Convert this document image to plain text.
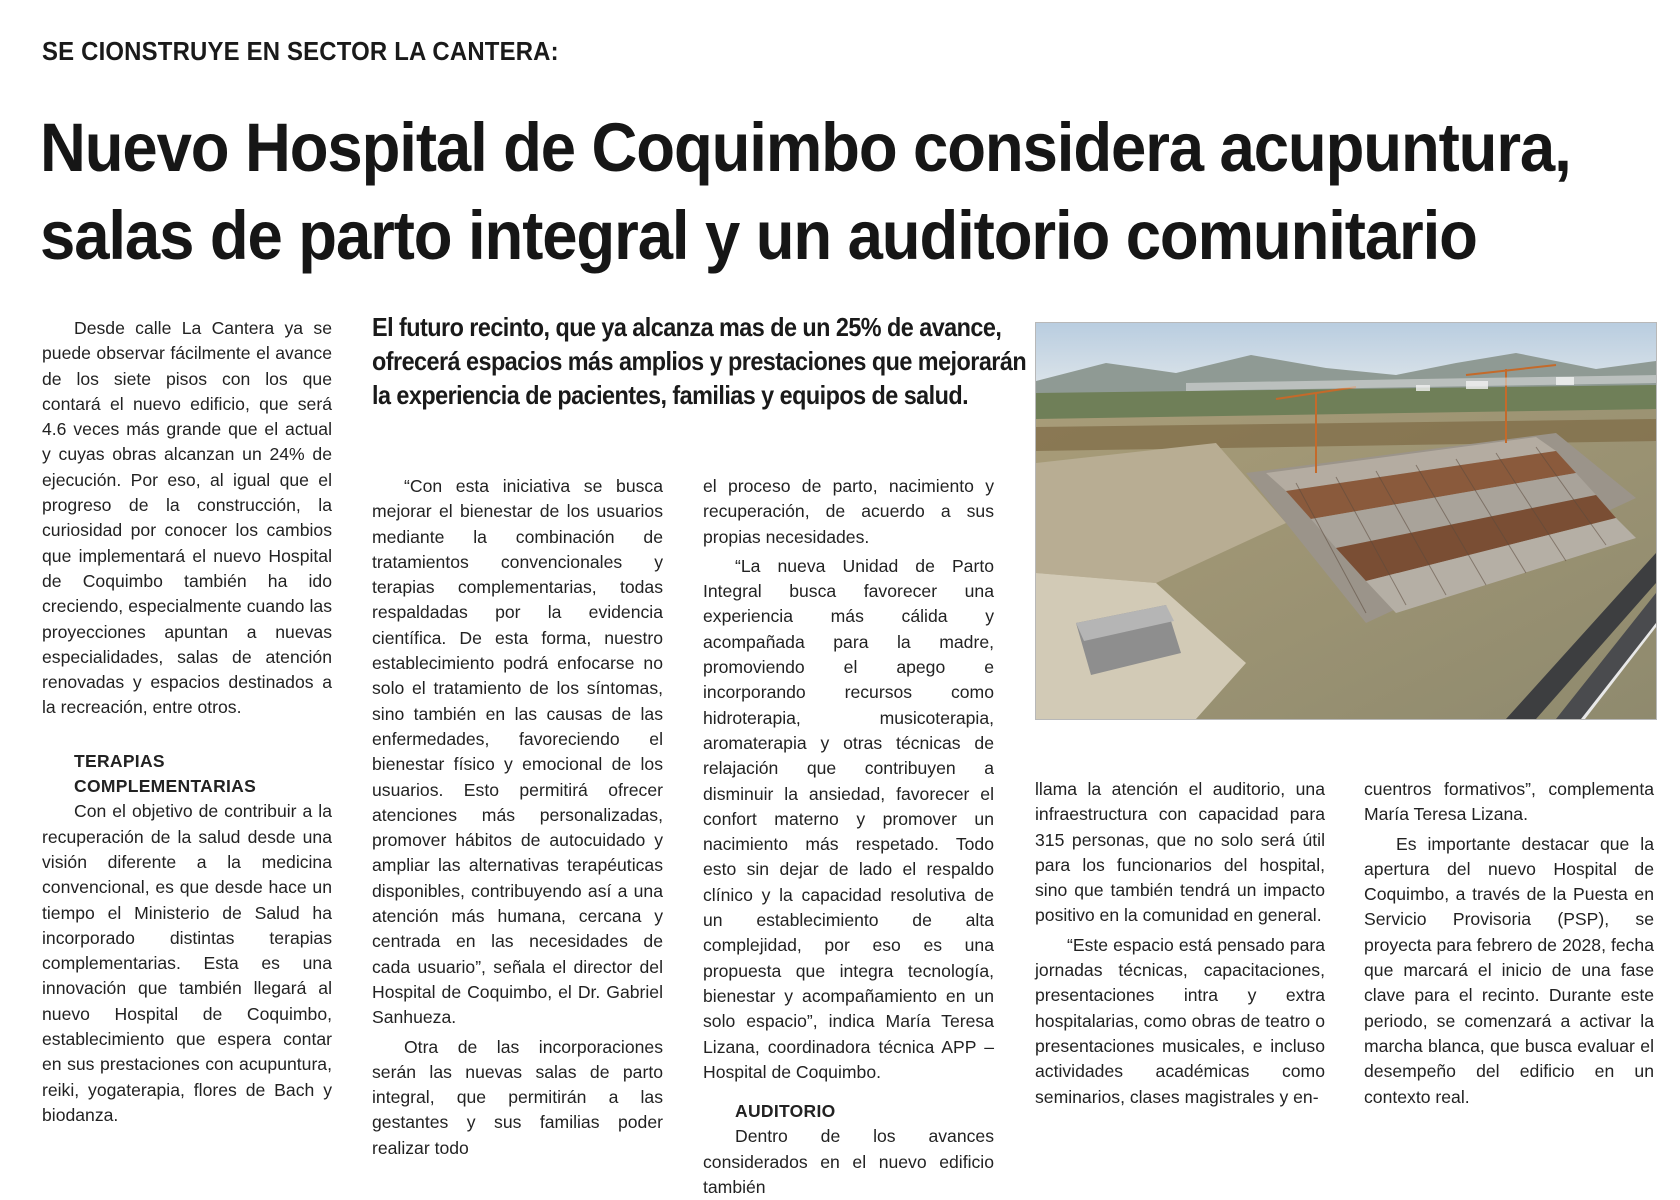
SE CIONSTRUYE EN SECTOR LA CANTERA:
Nuevo Hospital de Coquimbo considera acupuntura,
salas de parto integral y un auditorio comunitario

Desde calle La Cantera ya se puede observar fácilmente el avance de los siete pisos con los que contará el nuevo edificio, que será 4.6 veces más grande que el actual y cuyas obras alcanzan un 24% de ejecución. Por eso, al igual que el progreso de la construcción, la curiosidad por conocer los cambios que implementará el nuevo Hospital de Coquimbo también ha ido creciendo, especialmente cuando las proyecciones apuntan a nuevas especialidades, salas de atención renovadas y espacios destinados a la recreación, entre otros.

TERAPIAS COMPLEMENTARIAS

Con el objetivo de contribuir a la recuperación de la salud desde una visión diferente a la medicina convencional, es que desde hace un tiempo el Ministerio de Salud ha incorporado distintas terapias complementarias. Esta es una innovación que también llegará al nuevo Hospital de Coquimbo, establecimiento que espera contar en sus prestaciones con acupuntura, reiki, yogaterapia, flores de Bach y biodanza.

El futuro recinto, que ya alcanza mas de un 25% de avance,
ofrecerá espacios más amplios y prestaciones que mejorarán
la experiencia de pacientes, familias y equipos de salud.

“Con esta iniciativa se busca mejorar el bienestar de los usuarios mediante la combinación de tratamientos convencionales y terapias complementarias, todas respaldadas por la evidencia científica. De esta forma, nuestro establecimiento podrá enfocarse no solo el tratamiento de los síntomas, sino también en las causas de las enfermedades, favoreciendo el bienestar físico y emocional de los usuarios. Esto permitirá ofrecer atenciones más personalizadas, promover hábitos de autocuidado y ampliar las alternativas terapéuticas disponibles, contribuyendo así a una atención más humana, cercana y centrada en las necesidades de cada usuario”, señala el director del Hospital de Coquimbo, el Dr. Gabriel Sanhueza.

Otra de las incorporaciones serán las nuevas salas de parto integral, que permitirán a las gestantes y sus familias poder realizar todo

el proceso de parto, nacimiento y recuperación, de acuerdo a sus propias necesidades.

“La nueva Unidad de Parto Integral busca favorecer una experiencia más cálida y acompañada para la madre, promoviendo el apego e incorporando recursos como hidroterapia, musicoterapia, aromaterapia y otras técnicas de relajación que contribuyen a disminuir la ansiedad, favorecer el confort materno y promover un nacimiento más respetado. Todo esto sin dejar de lado el respaldo clínico y la capacidad resolutiva de un establecimiento de alta complejidad, por eso es una propuesta que integra tecnología, bienestar y acompañamiento en un solo espacio”, indica María Teresa Lizana, coordinadora técnica APP – Hospital de Coquimbo.

AUDITORIO

Dentro de los avances considerados en el nuevo edificio también

llama la atención el auditorio, una infraestructura con capacidad para 315 personas, que no solo será útil para los funcionarios del hospital, sino que también tendrá un impacto positivo en la comunidad en general.

“Este espacio está pensado para jornadas técnicas, capacitaciones, presentaciones intra y extra hospitalarias, como obras de teatro o presentaciones musicales, e incluso actividades académicas como seminarios, clases magistrales y en-

cuentros formativos”, complementa María Teresa Lizana.

Es importante destacar que la apertura del nuevo Hospital de Coquimbo, a través de la Puesta en Servicio Provisoria (PSP), se proyecta para febrero de 2028, fecha que marcará el inicio de una fase clave para el recinto. Durante este periodo, se comenzará a activar la marcha blanca, que busca evaluar el desempeño del edificio en un contexto real.
